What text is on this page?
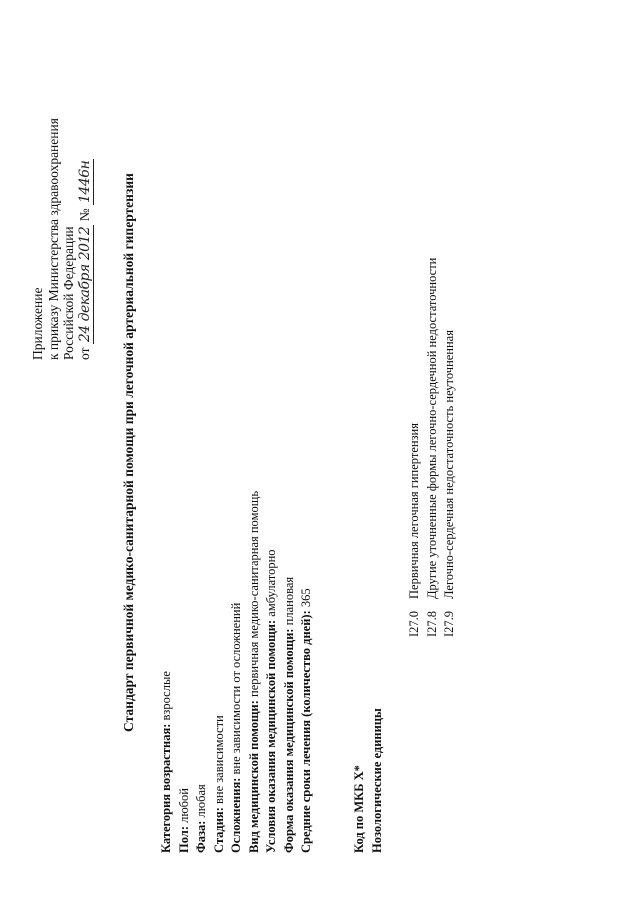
Приложение к приказу Министерства здравоохранения Российской Федерации от 24 декабря 2012 № 1446н Стандарт первичной медико-санитарной помощи при легочной артериальной гипертензии
Категория возрастная: взрослые
Пол: любой
Фаза: любая
Стадия: вне зависимости
Осложнения: вне зависимости от осложнений Вид медицинской помощи: первичная медико-санитарная помощь
Условия оказания медицинской помощи: амбулаторно
Форма оказания медицинской помощи: плановая
Средние сроки лечения (количество дней): 365
Код по МКБ X* Нозологические единицы
I27.0Первичная легочная гипертензия
I27.8Другие уточненные формы легочно-сердечной недостаточности
I27.9Легочно-сердечная недостаточность неуточненная
